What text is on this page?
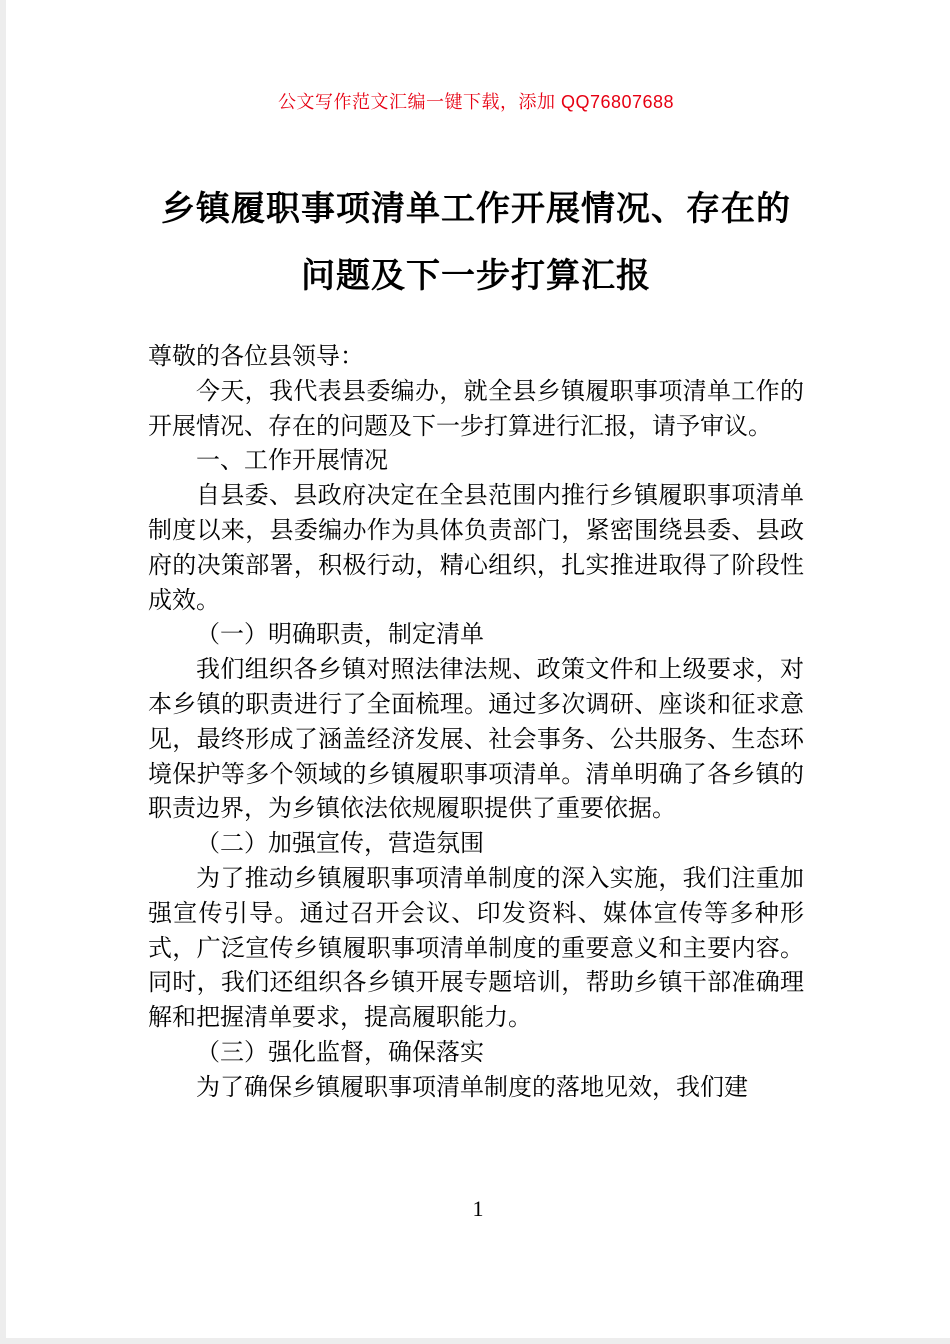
公文写作范文汇编一键下载，添加 QQ76807688
乡镇履职事项清单工作开展情况、存在的
问题及下一步打算汇报

尊敬的各位县领导：

今天，我代表县委编办，就全县乡镇履职事项清单工作的开展情况、存在的问题及下一步打算进行汇报，请予审议。

一、工作开展情况

自县委、县政府决定在全县范围内推行乡镇履职事项清单制度以来，县委编办作为具体负责部门，紧密围绕县委、县政府的决策部署，积极行动，精心组织，扎实推进取得了阶段性成效。

（一）明确职责，制定清单

我们组织各乡镇对照法律法规、政策文件和上级要求，对本乡镇的职责进行了全面梳理。通过多次调研、座谈和征求意见，最终形成了涵盖经济发展、社会事务、公共服务、生态环境保护等多个领域的乡镇履职事项清单。清单明确了各乡镇的职责边界，为乡镇依法依规履职提供了重要依据。

（二）加强宣传，营造氛围

为了推动乡镇履职事项清单制度的深入实施，我们注重加强宣传引导。通过召开会议、印发资料、媒体宣传等多种形式，广泛宣传乡镇履职事项清单制度的重要意义和主要内容。同时，我们还组织各乡镇开展专题培训，帮助乡镇干部准确理解和把握清单要求，提高履职能力。

（三）强化监督，确保落实

为了确保乡镇履职事项清单制度的落地见效，我们建

1
